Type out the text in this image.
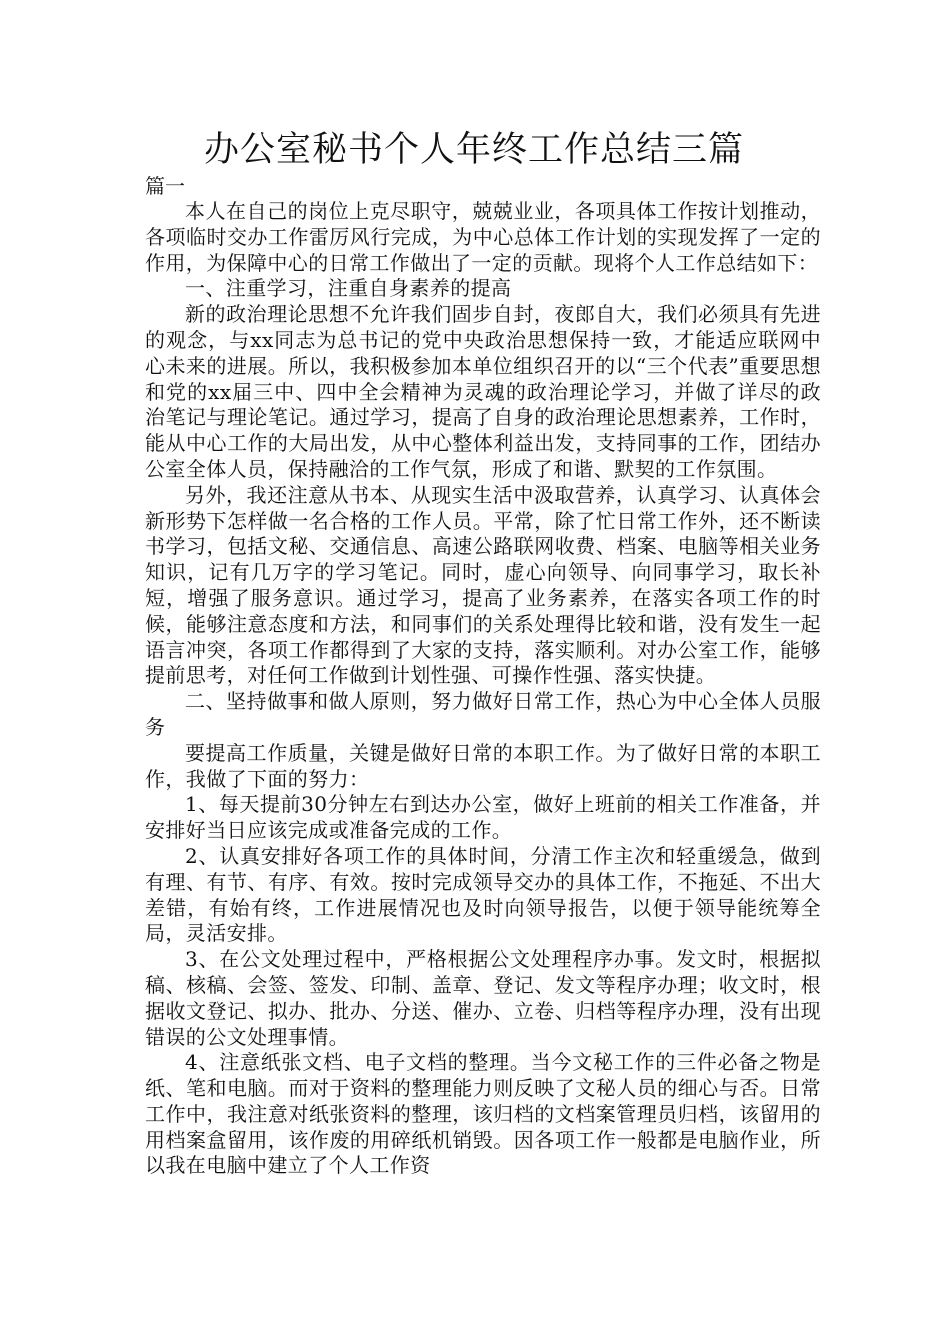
办公室秘书个人年终工作总结三篇

篇一

本人在自己的岗位上克尽职守，兢兢业业，各项具体工作按计划推动，各项临时交办工作雷厉风行完成，为中心总体工作计划的实现发挥了一定的作用，为保障中心的日常工作做出了一定的贡献。现将个人工作总结如下：

一、注重学习，注重自身素养的提高

新的政治理论思想不允许我们固步自封，夜郎自大，我们必须具有先进的观念，与xx同志为总书记的党中央政治思想保持一致，才能适应联网中心未来的进展。所以，我积极参加本单位组织召开的以“三个代表”重要思想和党的xx届三中、四中全会精神为灵魂的政治理论学习，并做了详尽的政治笔记与理论笔记。通过学习，提高了自身的政治理论思想素养，工作时，能从中心工作的大局出发，从中心整体利益出发，支持同事的工作，团结办公室全体人员，保持融洽的工作气氛，形成了和谐、默契的工作氛围。

另外，我还注意从书本、从现实生活中汲取营养，认真学习、认真体会新形势下怎样做一名合格的工作人员。平常，除了忙日常工作外，还不断读书学习，包括文秘、交通信息、高速公路联网收费、档案、电脑等相关业务知识，记有几万字的学习笔记。同时，虚心向领导、向同事学习，取长补短，增强了服务意识。通过学习，提高了业务素养，在落实各项工作的时候，能够注意态度和方法，和同事们的关系处理得比较和谐，没有发生一起语言冲突，各项工作都得到了大家的支持，落实顺利。对办公室工作，能够提前思考，对任何工作做到计划性强、可操作性强、落实快捷。

二、坚持做事和做人原则，努力做好日常工作，热心为中心全体人员服务

要提高工作质量，关键是做好日常的本职工作。为了做好日常的本职工作，我做了下面的努力：

1、每天提前30分钟左右到达办公室，做好上班前的相关工作准备，并安排好当日应该完成或准备完成的工作。

2、认真安排好各项工作的具体时间，分清工作主次和轻重缓急，做到有理、有节、有序、有效。按时完成领导交办的具体工作，不拖延、不出大差错，有始有终，工作进展情况也及时向领导报告，以便于领导能统筹全局，灵活安排。

3、在公文处理过程中，严格根据公文处理程序办事。发文时，根据拟稿、核稿、会签、签发、印制、盖章、登记、发文等程序办理；收文时，根据收文登记、拟办、批办、分送、催办、立卷、归档等程序办理，没有出现错误的公文处理事情。

4、注意纸张文档、电子文档的整理。当今文秘工作的三件必备之物是纸、笔和电脑。而对于资料的整理能力则反映了文秘人员的细心与否。日常工作中，我注意对纸张资料的整理，该归档的文档案管理员归档，该留用的用档案盒留用，该作废的用碎纸机销毁。因各项工作一般都是电脑作业，所以我在电脑中建立了个人工作资
